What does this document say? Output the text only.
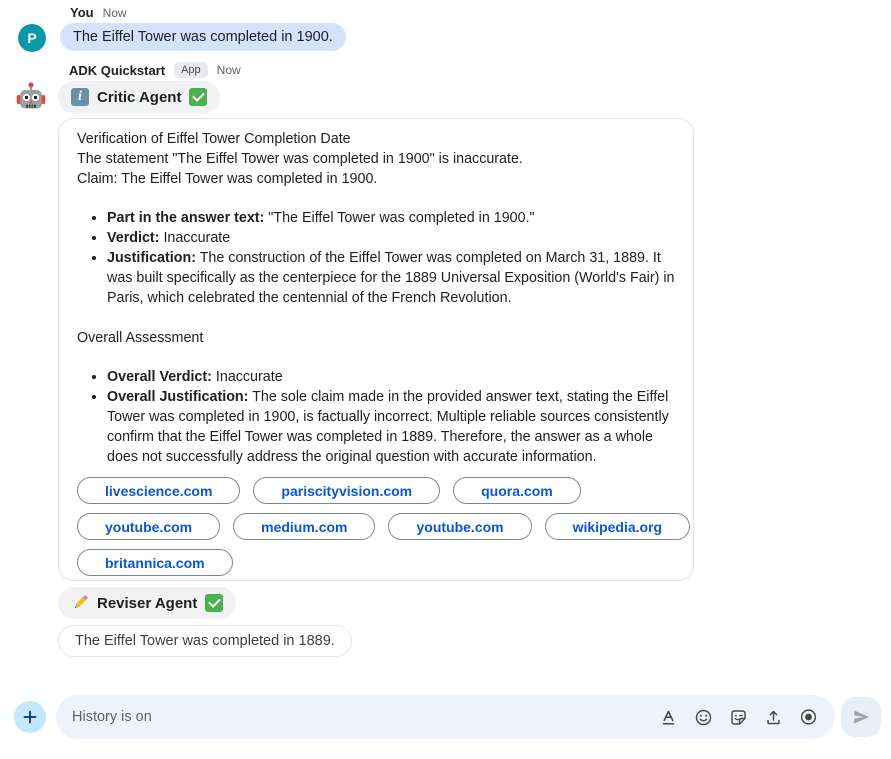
You Now
P	The Eiffel Tower was completed in 1900.
ADK Quickstart	App	Now
i	Critic Agent
Verification of Eiffel Tower Completion Date
The statement "The Eiffel Tower was completed in 1900" is inaccurate.
Claim: The Eiffel Tower was completed in 1900.
• Part in the answer text: "The Eiffel Tower was completed in 1900."
• Verdict: Inaccurate
• Justification: The construction of the Eiffel Tower was completed on March 31, 1889. It was built specifically as the centerpiece for the 1889 Universal Exposition (World's Fair) in Paris, which celebrated the centennial of the French Revolution.
Overall Assessment
• Overall Verdict: Inaccurate
• Overall Justification: The sole claim made in the provided answer text, stating the Eiffel Tower was completed in 1900, is factually incorrect. Multiple reliable sources consistently confirm that the Eiffel Tower was completed in 1889. Therefore, the answer as a whole does not successfully address the original question with accurate information.
livescience.com	pariscityvision.com	quora.com
youtube.com	medium.com	youtube.com	wikipedia.org
britannica.com
Reviser Agent
The Eiffel Tower was completed in 1889.
History is on
